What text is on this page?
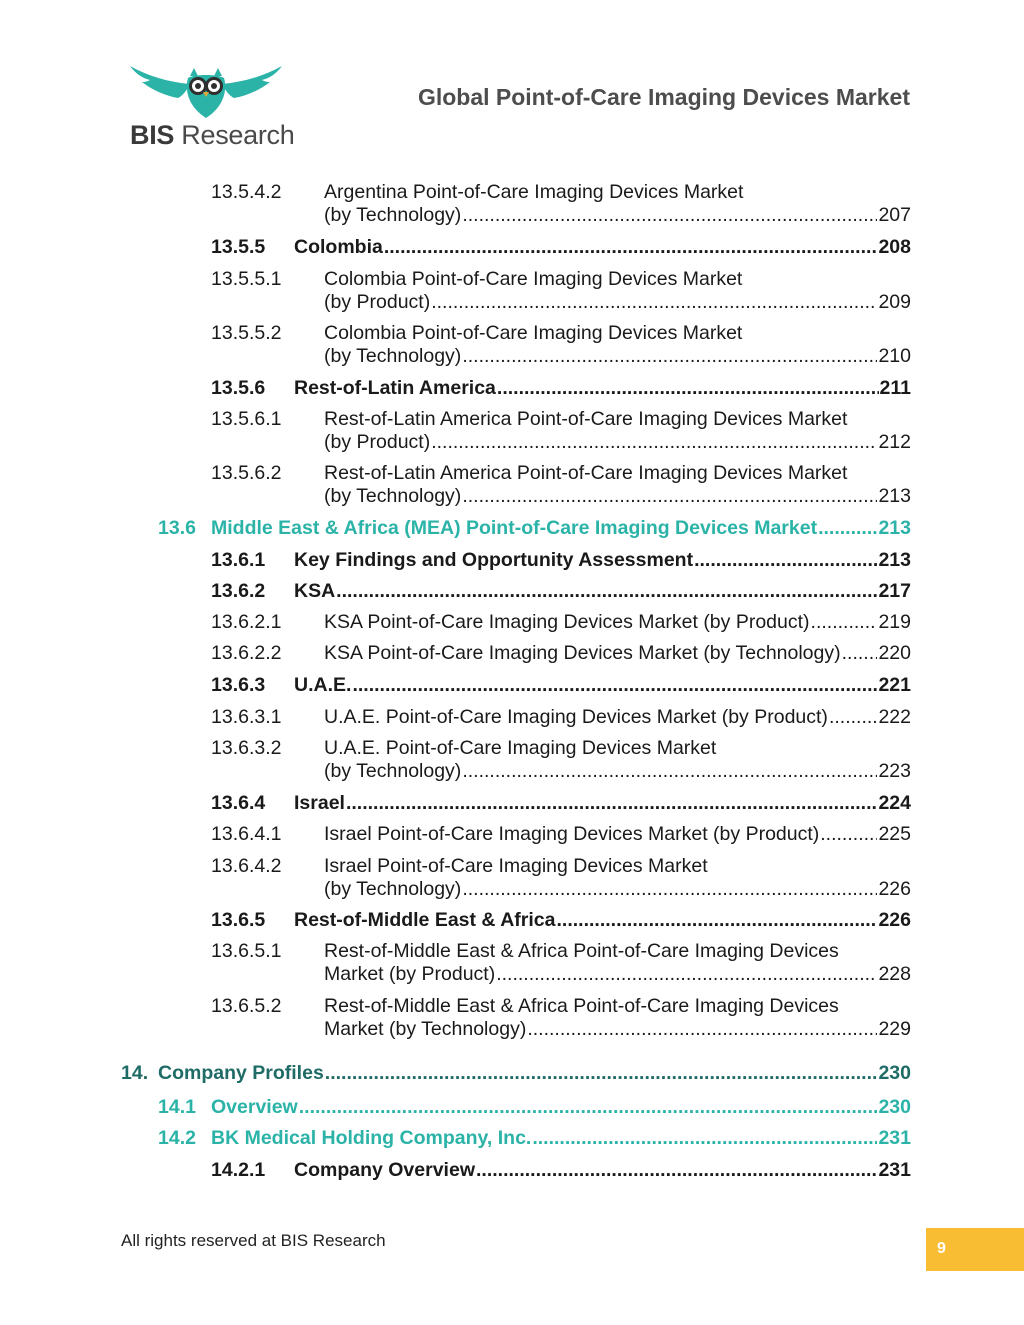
BIS Research
Global Point-of-Care Imaging Devices Market
13.5.4.2 Argentina Point-of-Care Imaging Devices Market
(by Technology) .....	207
13.5.5 Colombia .....	208
13.5.5.1 Colombia Point-of-Care Imaging Devices Market
(by Product) .....	209
13.5.5.2 Colombia Point-of-Care Imaging Devices Market
(by Technology) .....	210
13.5.6 Rest-of-Latin America .....	211
13.5.6.1 Rest-of-Latin America Point-of-Care Imaging Devices Market
(by Product) .....	212
13.5.6.2 Rest-of-Latin America Point-of-Care Imaging Devices Market
(by Technology) .....	213
13.6 Middle East & Africa (MEA) Point-of-Care Imaging Devices Market .....	213
13.6.1 Key Findings and Opportunity Assessment .....	213
13.6.2 KSA .....	217
13.6.2.1 KSA Point-of-Care Imaging Devices Market (by Product) .....	219
13.6.2.2 KSA Point-of-Care Imaging Devices Market (by Technology) ..... 220
13.6.3 U.A.E. .....	221
13.6.3.1 U.A.E. Point-of-Care Imaging Devices Market (by Product) .....	222
13.6.3.2 U.A.E. Point-of-Care Imaging Devices Market
(by Technology) .....	223
13.6.4 Israel .....	224
13.6.4.1 Israel Point-of-Care Imaging Devices Market (by Product) .....	225
13.6.4.2 Israel Point-of-Care Imaging Devices Market
(by Technology) .....	226
13.6.5 Rest-of-Middle East & Africa .....	226
13.6.5.1 Rest-of-Middle East & Africa Point-of-Care Imaging Devices
Market (by Product) .....	228
13.6.5.2 Rest-of-Middle East & Africa Point-of-Care Imaging Devices
Market (by Technology) .....	229
14. Company Profiles .....	230
14.1 Overview .....	230
14.2 BK Medical Holding Company, Inc. .....	231
14.2.1 Company Overview .....	231
All rights reserved at BIS Research	9
